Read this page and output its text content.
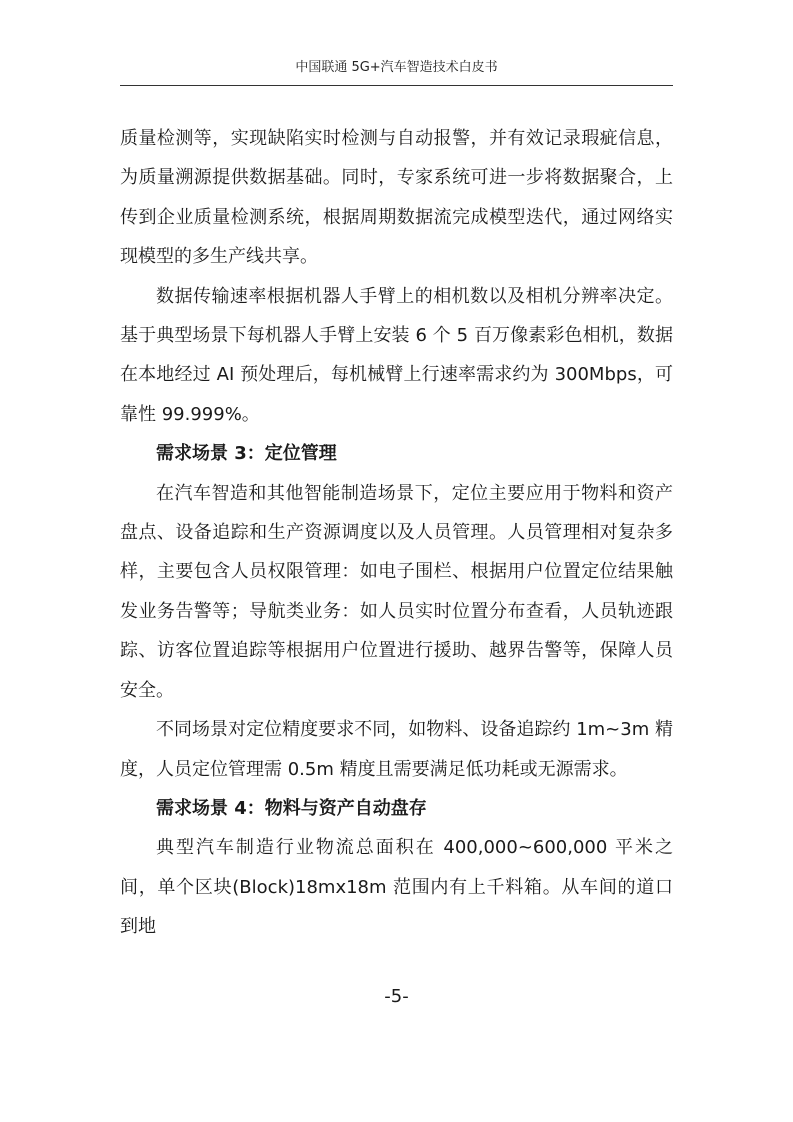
中国联通 5G+汽车智造技术白皮书

质量检测等，实现缺陷实时检测与自动报警，并有效记录瑕疵信息，为质量溯源提供数据基础。同时，专家系统可进一步将数据聚合，上传到企业质量检测系统，根据周期数据流完成模型迭代，通过网络实现模型的多生产线共享。

数据传输速率根据机器人手臂上的相机数以及相机分辨率决定。基于典型场景下每机器人手臂上安装 6 个 5 百万像素彩色相机，数据在本地经过 AI 预处理后，每机械臂上行速率需求约为 300Mbps，可靠性 99.999%。

需求场景 3：定位管理

在汽车智造和其他智能制造场景下，定位主要应用于物料和资产盘点、设备追踪和生产资源调度以及人员管理。人员管理相对复杂多样，主要包含人员权限管理：如电子围栏、根据用户位置定位结果触发业务告警等；导航类业务：如人员实时位置分布查看，人员轨迹跟踪、访客位置追踪等根据用户位置进行援助、越界告警等，保障人员安全。

不同场景对定位精度要求不同，如物料、设备追踪约 1m~3m 精度，人员定位管理需 0.5m 精度且需要满足低功耗或无源需求。

需求场景 4：物料与资产自动盘存

典型汽车制造行业物流总面积在 400,000~600,000 平米之间，单个区块(Block)18mx18m 范围内有上千料箱。从车间的道口到地

-5-
